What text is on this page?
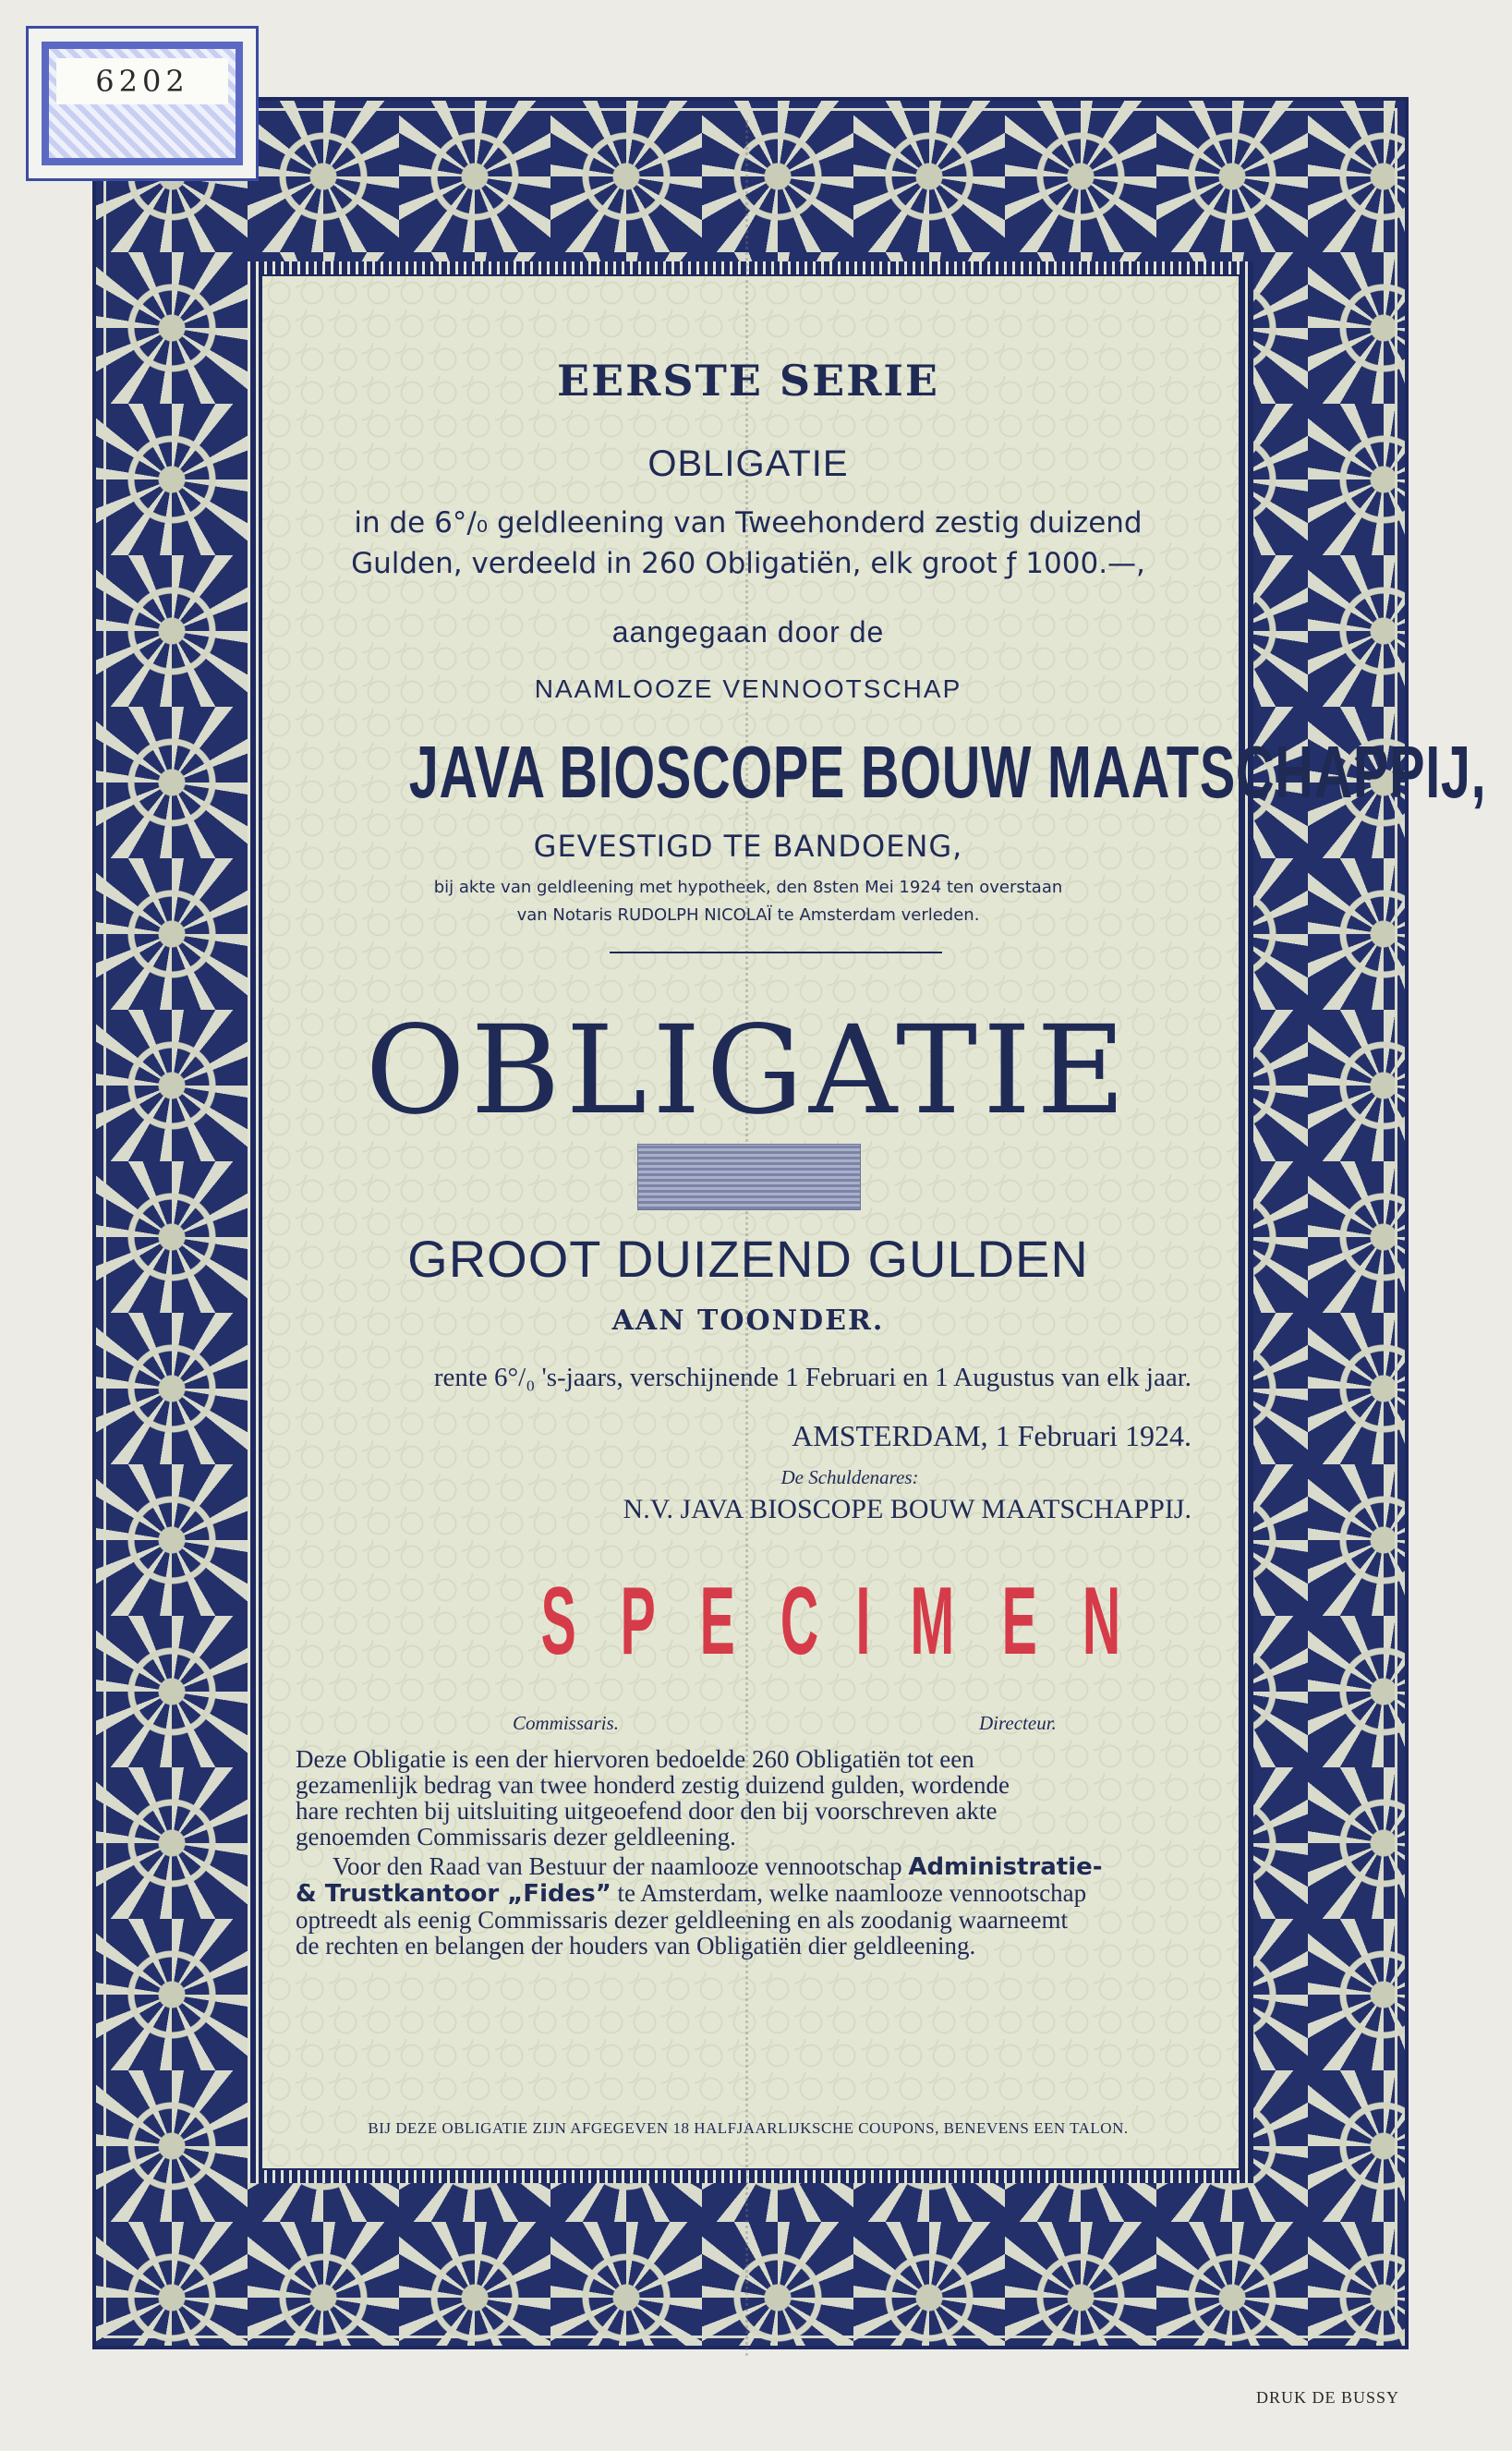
6202
EERSTE SERIE
OBLIGATIE
in de 6°/₀ geldleening van Tweehonderd zestig duizend
Gulden, verdeeld in 260 Obligatiën, elk groot ƒ 1000.—,
aangegaan door de
NAAMLOOZE VENNOOTSCHAP
JAVA BIOSCOPE BOUW MAATSCHAPPIJ,
GEVESTIGD TE BANDOENG,
bij akte van geldleening met hypotheek, den 8sten Mei 1924 ten overstaan
van Notaris RUDOLPH NICOLAÏ te Amsterdam verleden.
OBLIGATIE
GROOT DUIZEND GULDEN
AAN TOONDER.
rente 6°/₀ 's-jaars, verschijnende 1 Februari en 1 Augustus van elk jaar.
AMSTERDAM, 1 Februari 1924.
De Schuldenares:
N.V. JAVA BIOSCOPE BOUW MAATSCHAPPIJ.
S P E C I M E N
Commissaris.	Directeur.
Deze Obligatie is een der hiervoren bedoelde 260 Obligatiën tot een
gezamenlijk bedrag van twee honderd zestig duizend gulden, wordende
hare rechten bij uitsluiting uitgeoefend door den bij voorschreven akte
genoemden Commissaris dezer geldleening.
Voor den Raad van Bestuur der naamlooze vennootschap Administratie-
& Trustkantoor „Fides” te Amsterdam, welke naamlooze vennootschap
optreedt als eenig Commissaris dezer geldleening en als zoodanig waarneemt
de rechten en belangen der houders van Obligatiën dier geldleening.
BIJ DEZE OBLIGATIE ZIJN AFGEGEVEN 18 HALFJAARLIJKSCHE COUPONS, BENEVENS EEN TALON.
DRUK DE BUSSY
